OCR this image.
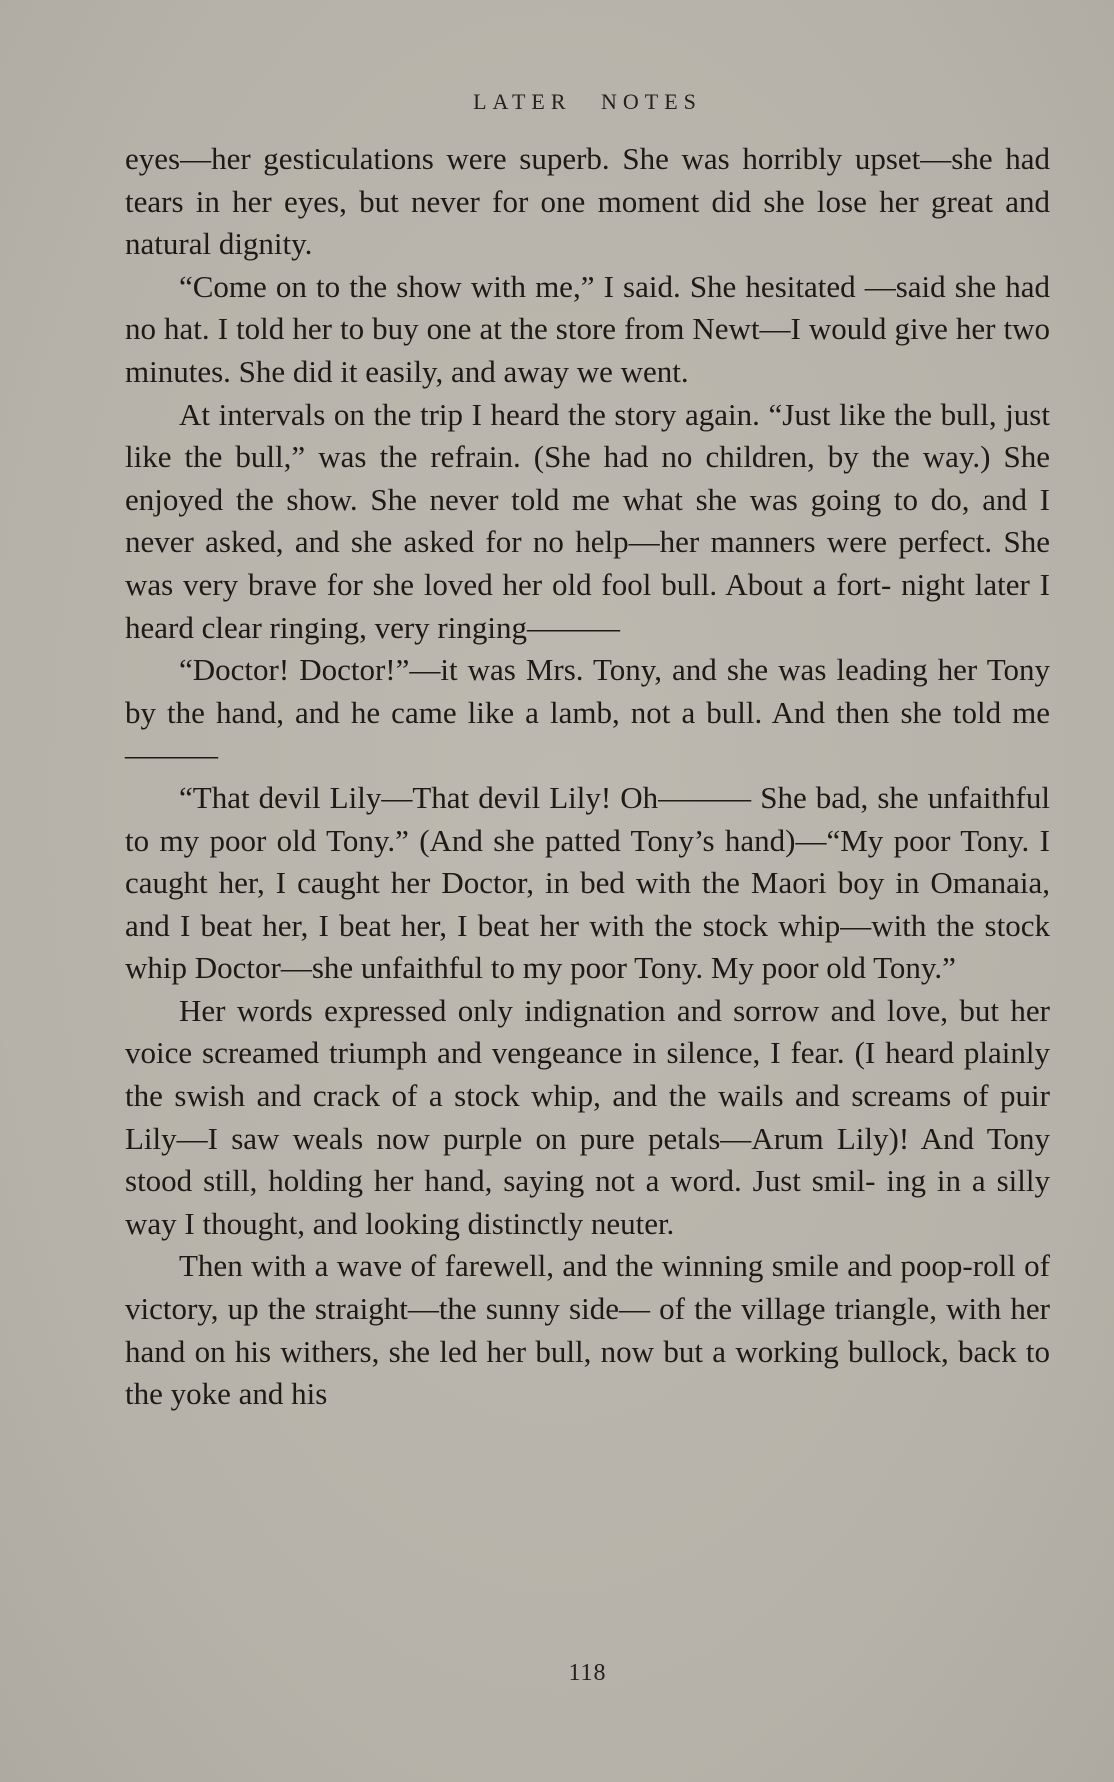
LATER NOTES

eyes—her gesticulations were superb. She was horribly upset—she had tears in her eyes, but never for one moment did she lose her great and natural dignity.

“Come on to the show with me,” I said. She hesitated —said she had no hat. I told her to buy one at the store from Newt—I would give her two minutes. She did it easily, and away we went.

At intervals on the trip I heard the story again. “Just like the bull, just like the bull,” was the refrain. (She had no children, by the way.) She enjoyed the show. She never told me what she was going to do, and I never asked, and she asked for no help—her manners were perfect. She was very brave for she loved her old fool bull. About a fort‑ night later I heard clear ringing, very ringing———

“Doctor! Doctor!”—it was Mrs. Tony, and she was leading her Tony by the hand, and he came like a lamb, not a bull. And then she told me———

“That devil Lily—That devil Lily! Oh——— She bad, she unfaithful to my poor old Tony.” (And she patted Tony’s hand)—“My poor Tony. I caught her, I caught her Doctor, in bed with the Maori boy in Omanaia, and I beat her, I beat her, I beat her with the stock whip—with the stock whip Doctor—she unfaithful to my poor Tony. My poor old Tony.”

Her words expressed only indignation and sorrow and love, but her voice screamed triumph and vengeance in silence, I fear. (I heard plainly the swish and crack of a stock whip, and the wails and screams of puir Lily—I saw weals now purple on pure petals—Arum Lily)! And Tony stood still, holding her hand, saying not a word. Just smil‑ ing in a silly way I thought, and looking distinctly neuter.

Then with a wave of farewell, and the winning smile and poop‑roll of victory, up the straight—the sunny side— of the village triangle, with her hand on his withers, she led her bull, now but a working bullock, back to the yoke and his

118
